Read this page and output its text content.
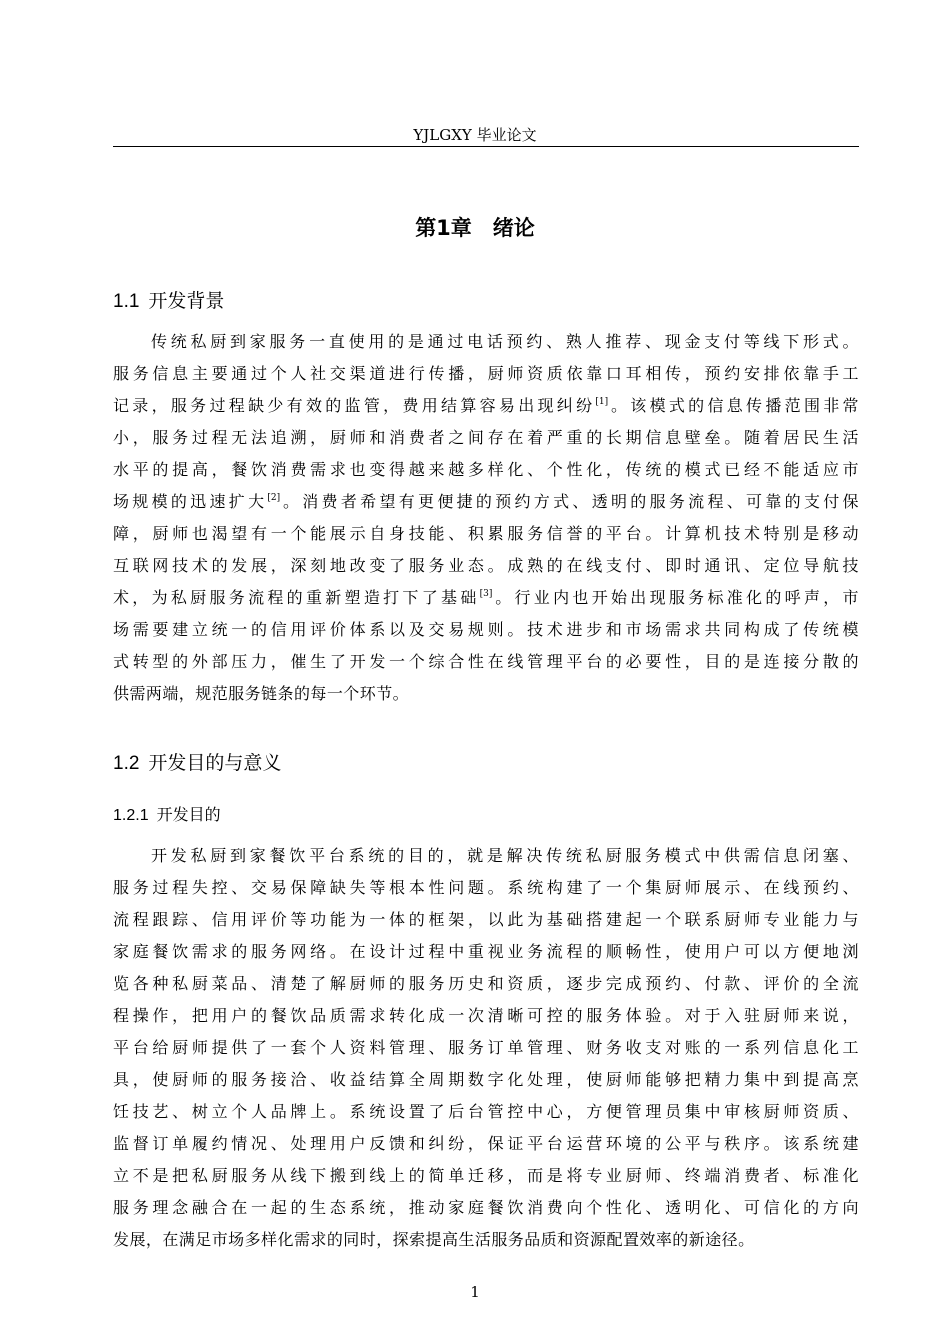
YJLGXY 毕业论文
第1章　绪论
1.1 开发背景
传统私厨到家服务一直使用的是通过电话预约、熟人推荐、现金支付等线下形式。
服务信息主要通过个人社交渠道进行传播，厨师资质依靠口耳相传，预约安排依靠手工
记录，服务过程缺少有效的监管，费用结算容易出现纠纷[1]。该模式的信息传播范围非常
小，服务过程无法追溯，厨师和消费者之间存在着严重的长期信息壁垒。随着居民生活
水平的提高，餐饮消费需求也变得越来越多样化、个性化，传统的模式已经不能适应市
场规模的迅速扩大[2]。消费者希望有更便捷的预约方式、透明的服务流程、可靠的支付保
障，厨师也渴望有一个能展示自身技能、积累服务信誉的平台。计算机技术特别是移动
互联网技术的发展，深刻地改变了服务业态。成熟的在线支付、即时通讯、定位导航技
术，为私厨服务流程的重新塑造打下了基础[3]。行业内也开始出现服务标准化的呼声，市
场需要建立统一的信用评价体系以及交易规则。技术进步和市场需求共同构成了传统模
式转型的外部压力，催生了开发一个综合性在线管理平台的必要性，目的是连接分散的
供需两端，规范服务链条的每一个环节。
1.2 开发目的与意义
1.2.1 开发目的
开发私厨到家餐饮平台系统的目的，就是解决传统私厨服务模式中供需信息闭塞、
服务过程失控、交易保障缺失等根本性问题。系统构建了一个集厨师展示、在线预约、
流程跟踪、信用评价等功能为一体的框架，以此为基础搭建起一个联系厨师专业能力与
家庭餐饮需求的服务网络。在设计过程中重视业务流程的顺畅性，使用户可以方便地浏
览各种私厨菜品、清楚了解厨师的服务历史和资质，逐步完成预约、付款、评价的全流
程操作，把用户的餐饮品质需求转化成一次清晰可控的服务体验。对于入驻厨师来说，
平台给厨师提供了一套个人资料管理、服务订单管理、财务收支对账的一系列信息化工
具，使厨师的服务接洽、收益结算全周期数字化处理，使厨师能够把精力集中到提高烹
饪技艺、树立个人品牌上。系统设置了后台管控中心，方便管理员集中审核厨师资质、
监督订单履约情况、处理用户反馈和纠纷，保证平台运营环境的公平与秩序。该系统建
立不是把私厨服务从线下搬到线上的简单迁移，而是将专业厨师、终端消费者、标准化
服务理念融合在一起的生态系统，推动家庭餐饮消费向个性化、透明化、可信化的方向
发展，在满足市场多样化需求的同时，探索提高生活服务品质和资源配置效率的新途径。
1
